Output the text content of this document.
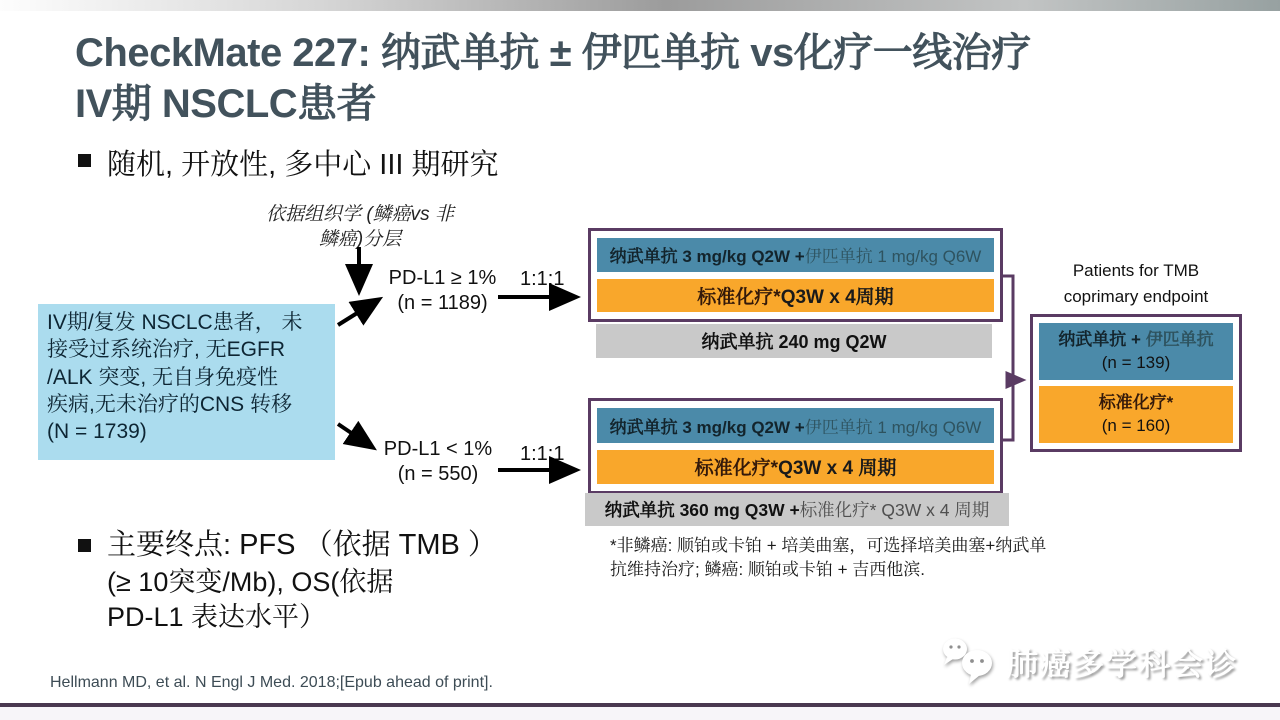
CheckMate 227: 纳武单抗 ± 伊匹单抗 vs化疗一线治疗
IV期 NSCLC患者
随机, 开放性, 多中心 III 期研究
依据组织学 (鳞癌vs 非
鳞癌)分层
IV期/复发 NSCLC患者， 未
接受过系统治疗, 无EGFR
/ALK 突变, 无自身免疫性
疾病,无未治疗的CNS 转移
(N = 1739)
PD-L1 ≥ 1%
(n = 1189)
1:1:1
PD-L1 < 1%
(n = 550)
1:1:1
纳武单抗 3 mg/kg Q2W + 伊匹单抗 1 mg/kg Q6W
标准化疗* Q3W x 4周期
纳武单抗 240 mg Q2W
纳武单抗 3 mg/kg Q2W + 伊匹单抗 1 mg/kg Q6W
标准化疗* Q3W x 4 周期
纳武单抗 360 mg Q3W + 标准化疗* Q3W x 4 周期
Patients for TMB
coprimary endpoint
纳武单抗 + 伊匹单抗
(n = 139)
标准化疗*
(n = 160)
主要终点: PFS （依据 TMB ）
(≥ 10突变/Mb), OS(依据
PD-L1 表达水平）
*非鳞癌: 顺铂或卡铂 + 培美曲塞，可选择培美曲塞+纳武单
抗维持治疗; 鳞癌: 顺铂或卡铂 + 吉西他滨.
Hellmann MD, et al. N Engl J Med. 2018;[Epub ahead of print].
肺癌多学科会诊
